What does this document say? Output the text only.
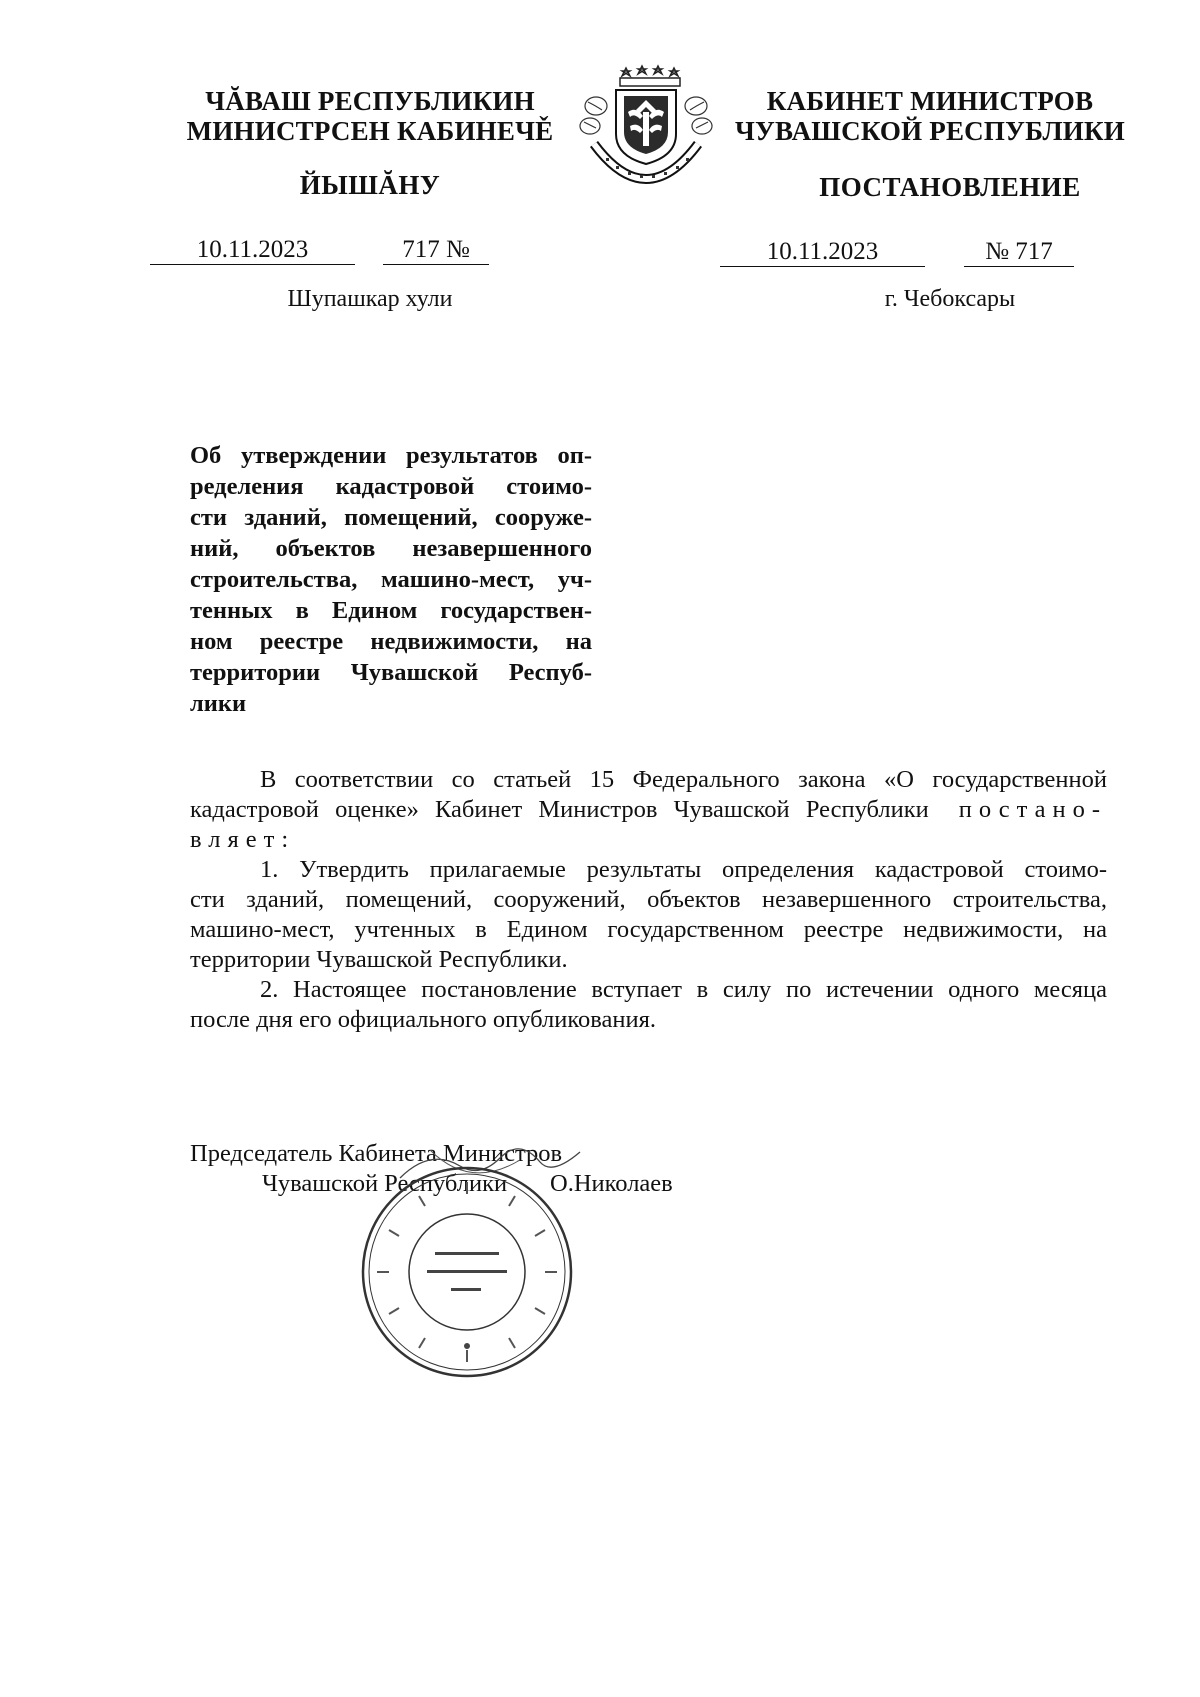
ЧĂВАШ РЕСПУБЛИКИН
МИНИСТРСЕН КАБИНЕЧĚ
ЙЫШĂНУ
КАБИНЕТ МИНИСТРОВ
ЧУВАШСКОЙ РЕСПУБЛИКИ
ПОСТАНОВЛЕНИЕ
10.11.2023	717 №	10.11.2023	№ 717
Шупашкар хули	г. Чебоксары
Об утверждении результатов оп-
ределения кадастровой стоимо-
сти зданий, помещений, сооруже-
ний, объектов незавершенного
строительства, машино-мест, уч-
тенных в Едином государствен-
ном реестре недвижимости, на
территории Чувашской Респуб-
лики
В соответствии со статьей 15 Федерального закона «О государственной
кадастровой оценке» Кабинет Министров Чувашской Республики постано-
вляет:
1. Утвердить прилагаемые результаты определения кадастровой стоимо-
сти зданий, помещений, сооружений, объектов незавершенного строительства,
машино-мест, учтенных в Едином государственном реестре недвижимости, на
территории Чувашской Республики.
2. Настоящее постановление вступает в силу по истечении одного месяца
после дня его официального опубликования.
Председатель Кабинета Министров
Чувашской Республики О.Николаев
